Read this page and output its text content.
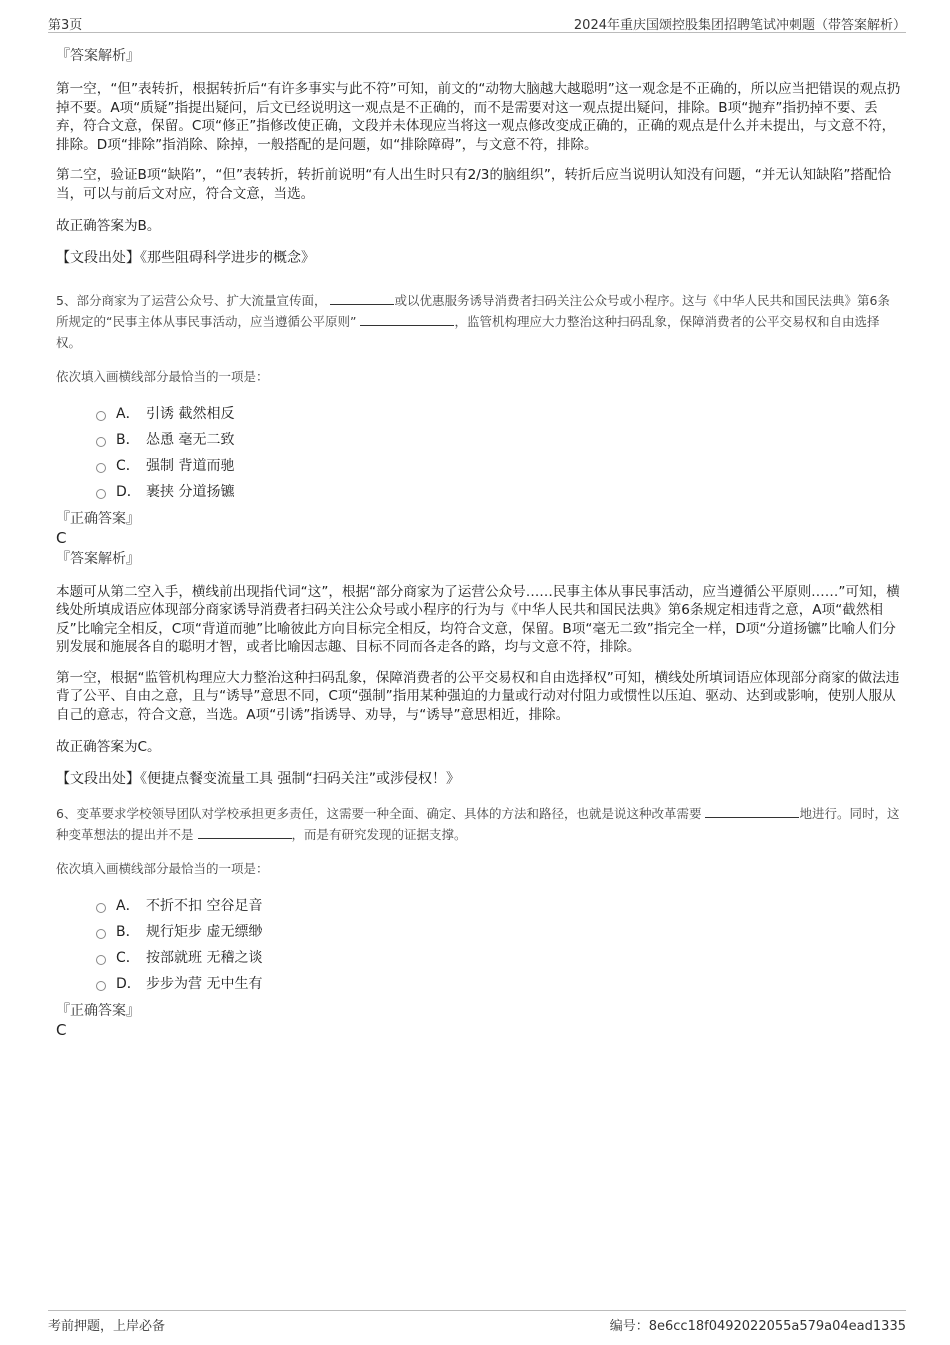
第3页	2024年重庆国颂控股集团招聘笔试冲刺题（带答案解析）

『答案解析』

第一空，“但”表转折，根据转折后“有许多事实与此不符”可知，前文的“动物大脑越大越聪明”这一观念是不正确的，所以应当把错误的观点扔掉不要。A项“质疑”指提出疑问，后文已经说明这一观点是不正确的，而不是需要对这一观点提出疑问，排除。B项“抛弃”指扔掉不要、丢弃，符合文意，保留。C项“修正”指修改使正确，文段并未体现应当将这一观点修改变成正确的，正确的观点是什么并未提出，与文意不符，排除。D项“排除”指消除、除掉，一般搭配的是问题，如“排除障碍”，与文意不符，排除。

第二空，验证B项“缺陷”，“但”表转折，转折前说明“有人出生时只有2/3的脑组织”，转折后应当说明认知没有问题，“并无认知缺陷”搭配恰当，可以与前后文对应，符合文意，当选。

故正确答案为B。

【文段出处】《那些阻碍科学进步的概念》

5、部分商家为了运营公众号、扩大流量宣传面，	或以优惠服务诱导消费者扫码关注公众号或小程序。这与《中华人民共和国民法典》第6条所规定的“民事主体从事民事活动，应当遵循公平原则”	，监管机构理应大力整治这种扫码乱象，保障消费者的公平交易权和自由选择权。

依次填入画横线部分最恰当的一项是：

A． 引诱 截然相反
B． 怂恿 毫无二致
C． 强制 背道而驰
D． 裹挟 分道扬镳

『正确答案』

C

『答案解析』

本题可从第二空入手，横线前出现指代词“这”，根据“部分商家为了运营公众号……民事主体从事民事活动，应当遵循公平原则……”可知，横线处所填成语应体现部分商家诱导消费者扫码关注公众号或小程序的行为与《中华人民共和国民法典》第6条规定相违背之意，A项“截然相反”比喻完全相反，C项“背道而驰”比喻彼此方向目标完全相反，均符合文意，保留。B项“毫无二致”指完全一样，D项“分道扬镳”比喻人们分别发展和施展各自的聪明才智，或者比喻因志趣、目标不同而各走各的路，均与文意不符，排除。

第一空，根据“监管机构理应大力整治这种扫码乱象，保障消费者的公平交易权和自由选择权”可知，横线处所填词语应体现部分商家的做法违背了公平、自由之意，且与“诱导”意思不同，C项“强制”指用某种强迫的力量或行动对付阻力或惯性以压迫、驱动、达到或影响，使别人服从自己的意志，符合文意，当选。A项“引诱”指诱导、劝导，与“诱导”意思相近，排除。

故正确答案为C。

【文段出处】《便捷点餐变流量工具 强制“扫码关注”或涉侵权！》

6、变革要求学校领导团队对学校承担更多责任，这需要一种全面、确定、具体的方法和路径，也就是说这种改革需要	地进行。同时，这种变革想法的提出并不是	，而是有研究发现的证据支撑。

依次填入画横线部分最恰当的一项是：

A． 不折不扣 空谷足音
B． 规行矩步 虚无缥缈
C． 按部就班 无稽之谈
D． 步步为营 无中生有

『正确答案』

C

考前押题，上岸必备	编号：8e6cc18f0492022055a579a04ead1335
